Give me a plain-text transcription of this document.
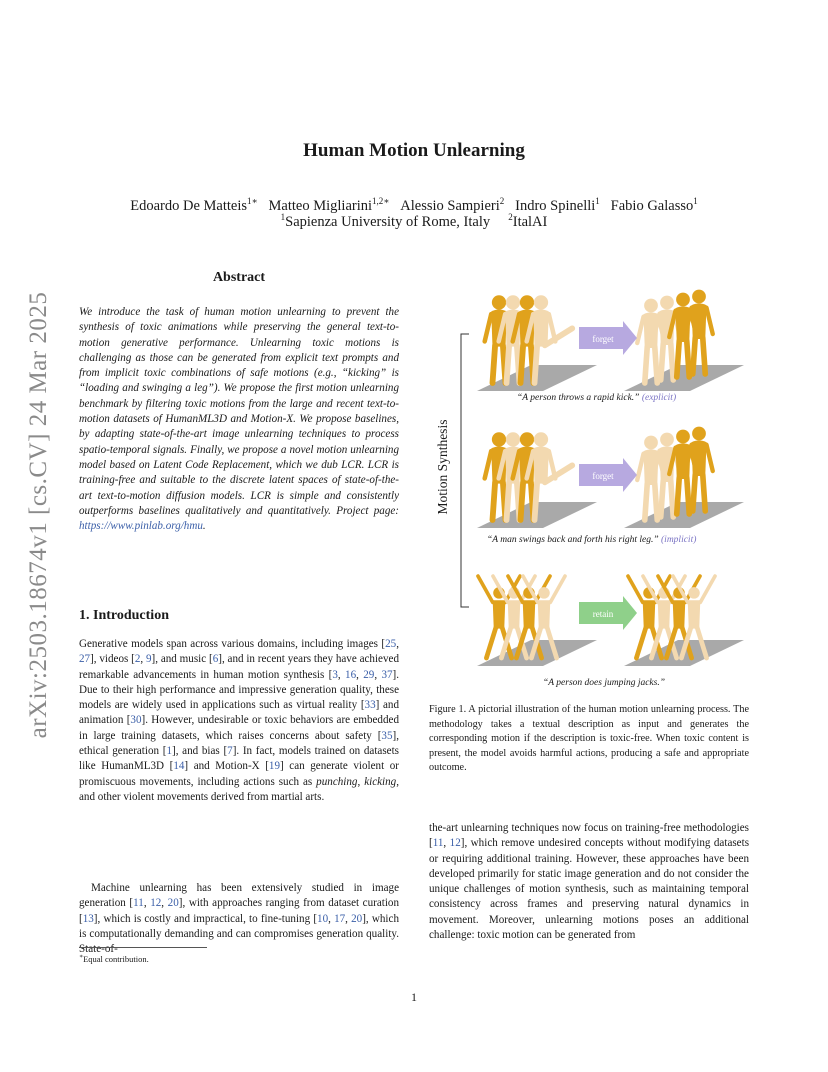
Human Motion Unlearning
Edoardo De Matteis$^{1∗}$ Matteo Migliarini$^{1,2∗}$ Alessio Sampieri$^2$ Indro Spinelli$^1$ Fabio Galasso$^1$
$^1$Sapienza University of Rome, Italy $^2$ItalAI
arXiv:2503.18674v1 [cs.CV] 24 Mar 2025
Abstract

We introduce the task of human motion unlearning to prevent the synthesis of toxic animations while preserving the general text-to-motion generative performance. Unlearning toxic motions is challenging as those can be generated from explicit text prompts and from implicit toxic combinations of safe motions (e.g., “kicking” is “loading and swinging a leg”). We propose the first motion unlearning benchmark by filtering toxic motions from the large and recent text-to-motion datasets of HumanML3D and Motion-X. We propose baselines, by adapting state-of-the-art image unlearning techniques to process spatio-temporal signals. Finally, we propose a novel motion unlearning model based on Latent Code Replacement, which we dub LCR. LCR is training-free and suitable to the discrete latent spaces of state-of-the-art text-to-motion diffusion models. LCR is simple and consistently outperforms baselines qualitatively and quantitatively. Project page: https://www.pinlab.org/hmu.

1. Introduction

Generative models span across various domains, including images [25, 27], videos [2, 9], and music [6], and in recent years they have achieved remarkable advancements in human motion synthesis [3, 16, 29, 37]. Due to their high performance and impressive generation quality, these models are widely used in applications such as virtual reality [33] and animation [30]. However, undesirable or toxic behaviors are embedded in large training datasets, which raises concerns about safety [35], ethical generation [1], and bias [7]. In fact, models trained on datasets like HumanML3D [14] and Motion-X [19] can generate violent or promiscuous movements, including actions such as punching, kicking, and other violent movements derived from martial arts.

Machine unlearning has been extensively studied in image generation [11, 12, 20], with approaches ranging from dataset curation [13], which is costly and impractical, to fine-tuning [10, 17, 20], which is computationally demanding and can compromises generation quality. State-of-

∗Equal contribution.
Motion Synthesis
forget
forget
retain
“A person throws a rapid kick.” (explicit)
“A man swings back and forth his right leg.” (implicit)
“A person does jumping jacks.”

Figure 1. A pictorial illustration of the human motion unlearning process. The methodology takes a textual description as input and generates the corresponding motion if the description is toxic-free. When toxic content is present, the model avoids harmful actions, producing a safe and appropriate outcome.

the-art unlearning techniques now focus on training-free methodologies [11, 12], which remove undesired concepts without modifying datasets or requiring additional training. However, these approaches have been developed primarily for static image generation and do not consider the unique challenges of motion synthesis, such as maintaining temporal consistency across frames and preserving natural dynamics in movement. Moreover, unlearning motions poses an additional challenge: toxic motion can be generated from

1
